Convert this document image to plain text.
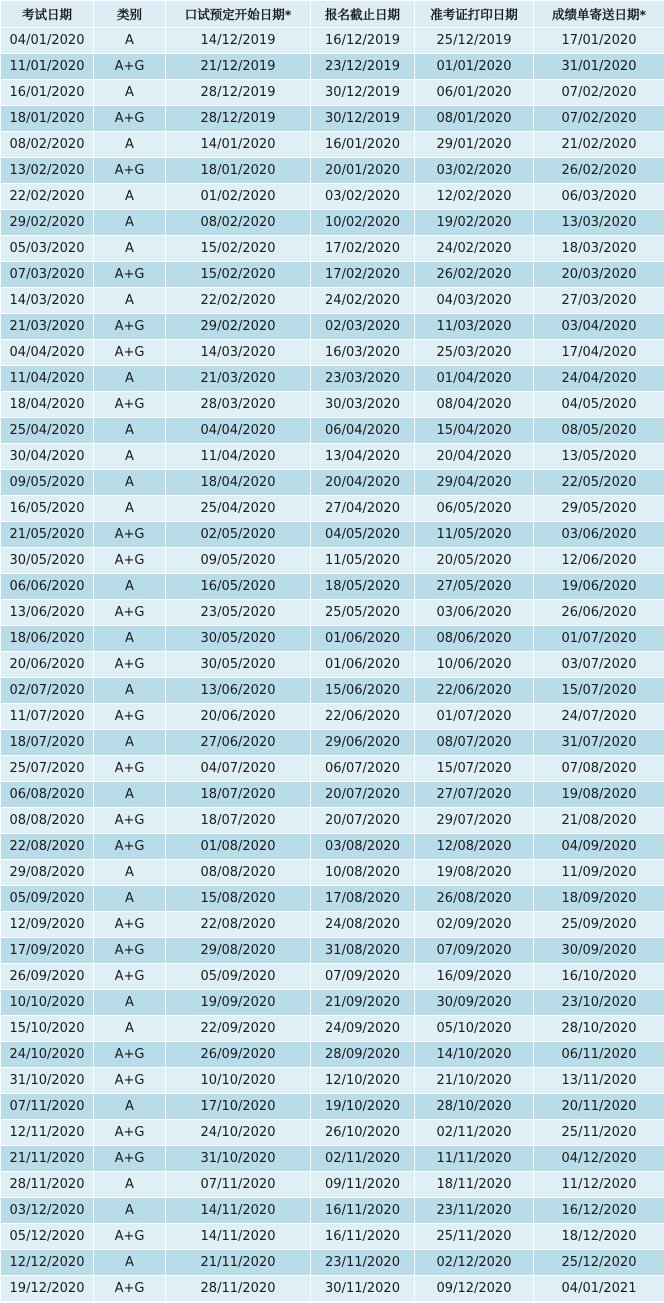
考试日期	类别	口试预定开始日期*	报名截止日期	准考证打印日期	成绩单寄送日期*
04/01/2020	A	14/12/2019	16/12/2019	25/12/2019	17/01/2020
11/01/2020	A+G	21/12/2019	23/12/2019	01/01/2020	31/01/2020
16/01/2020	A	28/12/2019	30/12/2019	06/01/2020	07/02/2020
18/01/2020	A+G	28/12/2019	30/12/2019	08/01/2020	07/02/2020
08/02/2020	A	14/01/2020	16/01/2020	29/01/2020	21/02/2020
13/02/2020	A+G	18/01/2020	20/01/2020	03/02/2020	26/02/2020
22/02/2020	A	01/02/2020	03/02/2020	12/02/2020	06/03/2020
29/02/2020	A	08/02/2020	10/02/2020	19/02/2020	13/03/2020
05/03/2020	A	15/02/2020	17/02/2020	24/02/2020	18/03/2020
07/03/2020	A+G	15/02/2020	17/02/2020	26/02/2020	20/03/2020
14/03/2020	A	22/02/2020	24/02/2020	04/03/2020	27/03/2020
21/03/2020	A+G	29/02/2020	02/03/2020	11/03/2020	03/04/2020
04/04/2020	A+G	14/03/2020	16/03/2020	25/03/2020	17/04/2020
11/04/2020	A	21/03/2020	23/03/2020	01/04/2020	24/04/2020
18/04/2020	A+G	28/03/2020	30/03/2020	08/04/2020	04/05/2020
25/04/2020	A	04/04/2020	06/04/2020	15/04/2020	08/05/2020
30/04/2020	A	11/04/2020	13/04/2020	20/04/2020	13/05/2020
09/05/2020	A	18/04/2020	20/04/2020	29/04/2020	22/05/2020
16/05/2020	A	25/04/2020	27/04/2020	06/05/2020	29/05/2020
21/05/2020	A+G	02/05/2020	04/05/2020	11/05/2020	03/06/2020
30/05/2020	A+G	09/05/2020	11/05/2020	20/05/2020	12/06/2020
06/06/2020	A	16/05/2020	18/05/2020	27/05/2020	19/06/2020
13/06/2020	A+G	23/05/2020	25/05/2020	03/06/2020	26/06/2020
18/06/2020	A	30/05/2020	01/06/2020	08/06/2020	01/07/2020
20/06/2020	A+G	30/05/2020	01/06/2020	10/06/2020	03/07/2020
02/07/2020	A	13/06/2020	15/06/2020	22/06/2020	15/07/2020
11/07/2020	A+G	20/06/2020	22/06/2020	01/07/2020	24/07/2020
18/07/2020	A	27/06/2020	29/06/2020	08/07/2020	31/07/2020
25/07/2020	A+G	04/07/2020	06/07/2020	15/07/2020	07/08/2020
06/08/2020	A	18/07/2020	20/07/2020	27/07/2020	19/08/2020
08/08/2020	A+G	18/07/2020	20/07/2020	29/07/2020	21/08/2020
22/08/2020	A+G	01/08/2020	03/08/2020	12/08/2020	04/09/2020
29/08/2020	A	08/08/2020	10/08/2020	19/08/2020	11/09/2020
05/09/2020	A	15/08/2020	17/08/2020	26/08/2020	18/09/2020
12/09/2020	A+G	22/08/2020	24/08/2020	02/09/2020	25/09/2020
17/09/2020	A+G	29/08/2020	31/08/2020	07/09/2020	30/09/2020
26/09/2020	A+G	05/09/2020	07/09/2020	16/09/2020	16/10/2020
10/10/2020	A	19/09/2020	21/09/2020	30/09/2020	23/10/2020
15/10/2020	A	22/09/2020	24/09/2020	05/10/2020	28/10/2020
24/10/2020	A+G	26/09/2020	28/09/2020	14/10/2020	06/11/2020
31/10/2020	A+G	10/10/2020	12/10/2020	21/10/2020	13/11/2020
07/11/2020	A	17/10/2020	19/10/2020	28/10/2020	20/11/2020
12/11/2020	A+G	24/10/2020	26/10/2020	02/11/2020	25/11/2020
21/11/2020	A+G	31/10/2020	02/11/2020	11/11/2020	04/12/2020
28/11/2020	A	07/11/2020	09/11/2020	18/11/2020	11/12/2020
03/12/2020	A	14/11/2020	16/11/2020	23/11/2020	16/12/2020
05/12/2020	A+G	14/11/2020	16/11/2020	25/11/2020	18/12/2020
12/12/2020	A	21/11/2020	23/11/2020	02/12/2020	25/12/2020
19/12/2020	A+G	28/11/2020	30/11/2020	09/12/2020	04/01/2021
